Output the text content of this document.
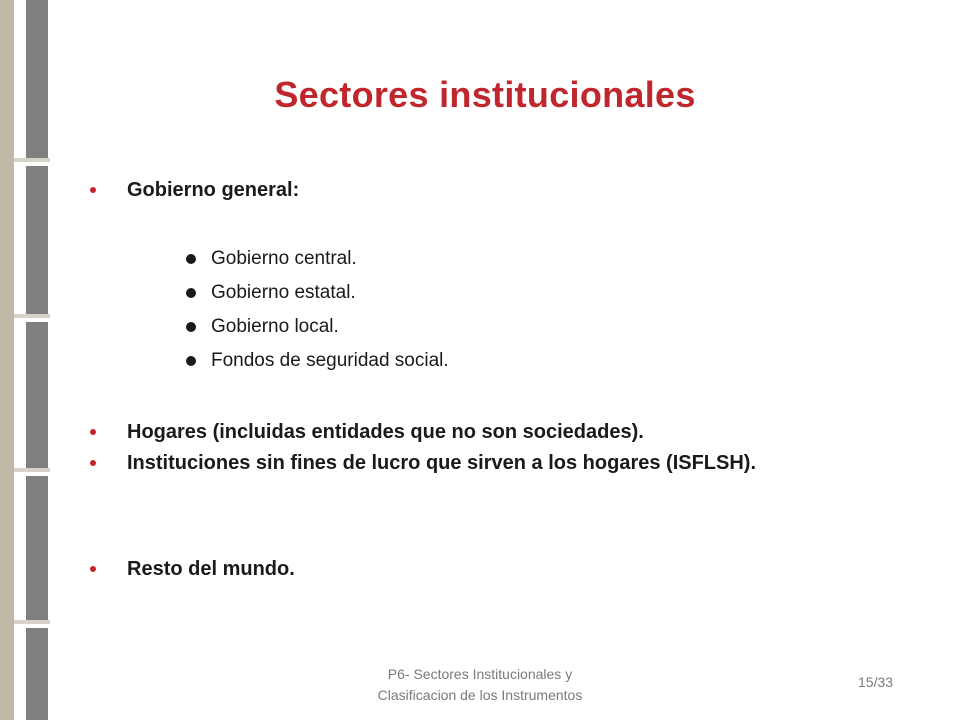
Sectores institucionales
Gobierno general:
Gobierno central.
Gobierno estatal.
Gobierno local.
Fondos de seguridad social.
Hogares (incluidas entidades que no son sociedades).
Instituciones sin fines de lucro que sirven a los hogares (ISFLSH).
Resto del mundo.
P6- Sectores Institucionales y
Clasificacion de los Instrumentos
15/33
